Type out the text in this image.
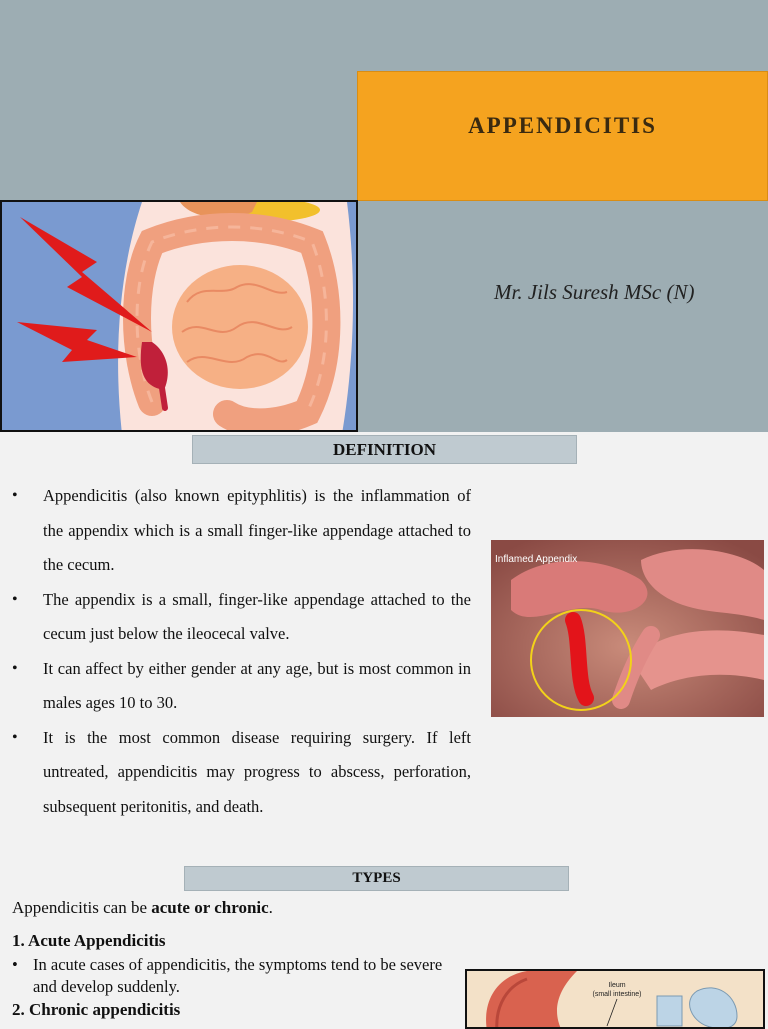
APPENDICITIS
Mr. Jils Suresh MSc (N)
DEFINITION
• Appendicitis (also known epityphlitis) is the inflammation of the appendix which is a small finger-like appendage attached to the cecum.
• The appendix is a small, finger-like appendage attached to the cecum just below the ileocecal valve.
• It can affect by either gender at any age, but is most common in males ages 10 to 30.
• It is the most common disease requiring surgery. If left untreated, appendicitis may progress to abscess, perforation, subsequent peritonitis, and death.
Inflamed Appendix
TYPES
Appendicitis can be acute or chronic.
1. Acute Appendicitis
• In acute cases of appendicitis, the symptoms tend to be severe and develop suddenly.
2. Chronic appendicitis
Ileum
(small intestine)
